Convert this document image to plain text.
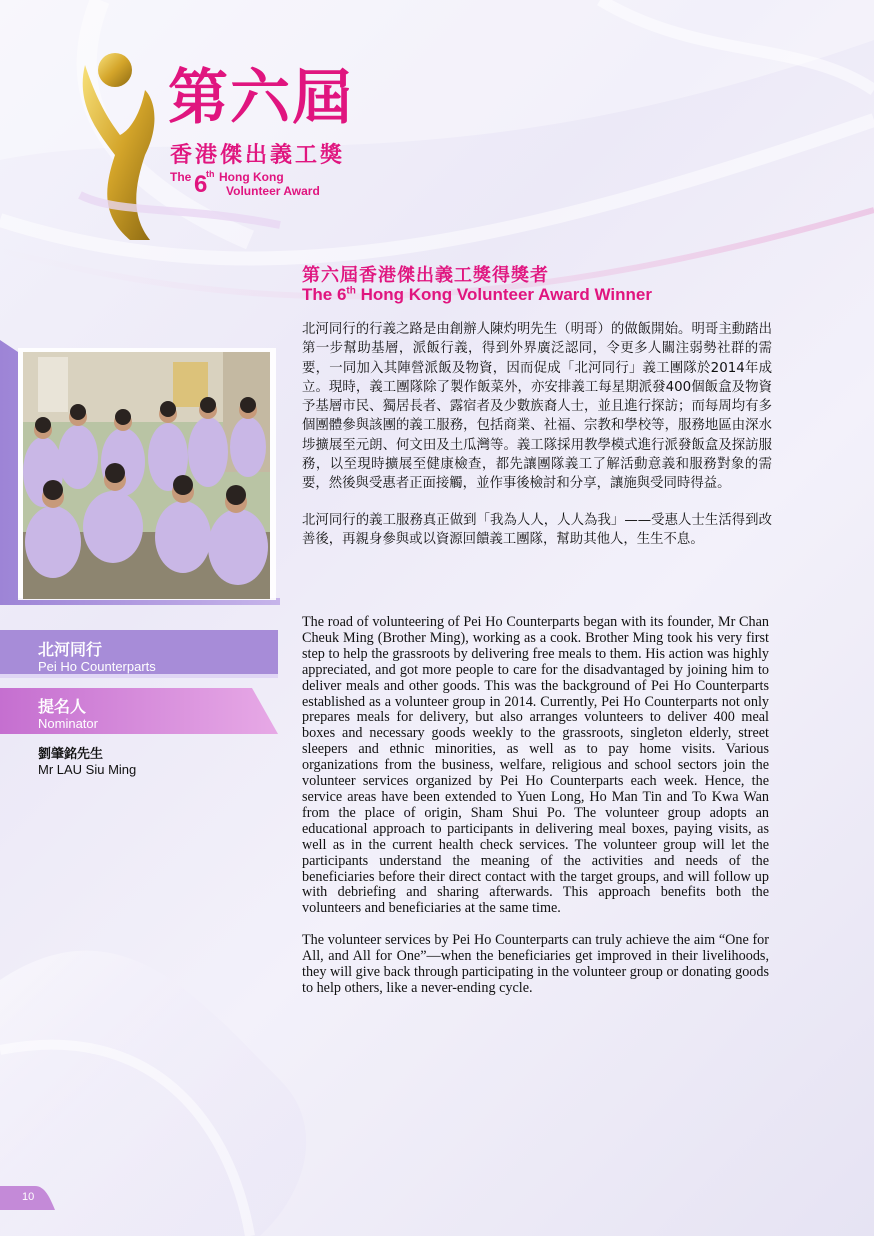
第六屆
香港傑出義工獎
The 6
th Hong Kong
Volunteer Award
第六屆香港傑出義工獎得獎者
The 6th Hong Kong Volunteer Award Winner

北河同行的行義之路是由創辦人陳灼明先生（明哥）的做飯開始。明哥主動踏出第一步幫助基層，派飯行義，得到外界廣泛認同，令更多人關注弱勢社群的需要，一同加入其陣營派飯及物資，因而促成「北河同行」義工團隊於2014年成立。現時，義工團隊除了製作飯菜外，亦安排義工每星期派發400個飯盒及物資予基層市民、獨居長者、露宿者及少數族裔人士，並且進行探訪；而每周均有多個團體參與該團的義工服務，包括商業、社福、宗教和學校等，服務地區由深水埗擴展至元朗、何文田及土瓜灣等。義工隊採用教學模式進行派發飯盒及探訪服務，以至現時擴展至健康檢查，都先讓團隊義工了解活動意義和服務對象的需要，然後與受惠者正面接觸，並作事後檢討和分享，讓施與受同時得益。

北河同行的義工服務真正做到「我為人人，人人為我」——受惠人士生活得到改善後，再親身參與或以資源回饋義工團隊，幫助其他人，生生不息。

The road of volunteering of Pei Ho Counterparts began with its founder, Mr Chan Cheuk Ming (Brother Ming), working as a cook. Brother Ming took his very first step to help the grassroots by delivering free meals to them. His action was highly appreciated, and got more people to care for the disadvantaged by joining him to deliver meals and other goods. This was the background of Pei Ho Counterparts established as a volunteer group in 2014. Currently, Pei Ho Counterparts not only prepares meals for delivery, but also arranges volunteers to deliver 400 meal boxes and necessary goods weekly to the grassroots, singleton elderly, street sleepers and ethnic minorities, as well as to pay home visits. Various organizations from the business, welfare, religious and school sectors join the volunteer services organized by Pei Ho Counterparts each week. Hence, the service areas have been extended to Yuen Long, Ho Man Tin and To Kwa Wan from the place of origin, Sham Shui Po. The volunteer group adopts an educational approach to participants in delivering meal boxes, paying visits, as well as in the current health check services. The volunteer group will let the participants understand the meaning of the activities and needs of the beneficiaries before their direct contact with the target groups, and will follow up with debriefing and sharing afterwards. This approach benefits both the volunteers and beneficiaries at the same time.

The volunteer services by Pei Ho Counterparts can truly achieve the aim “One for All, and All for One”—when the beneficiaries get improved in their livelihoods, they will give back through participating in the volunteer group or donating goods to help others, like a never-ending cycle.

北河同行
Pei Ho Counterparts
提名人
Nominator
劉肇銘先生
Mr LAU Siu Ming
10
